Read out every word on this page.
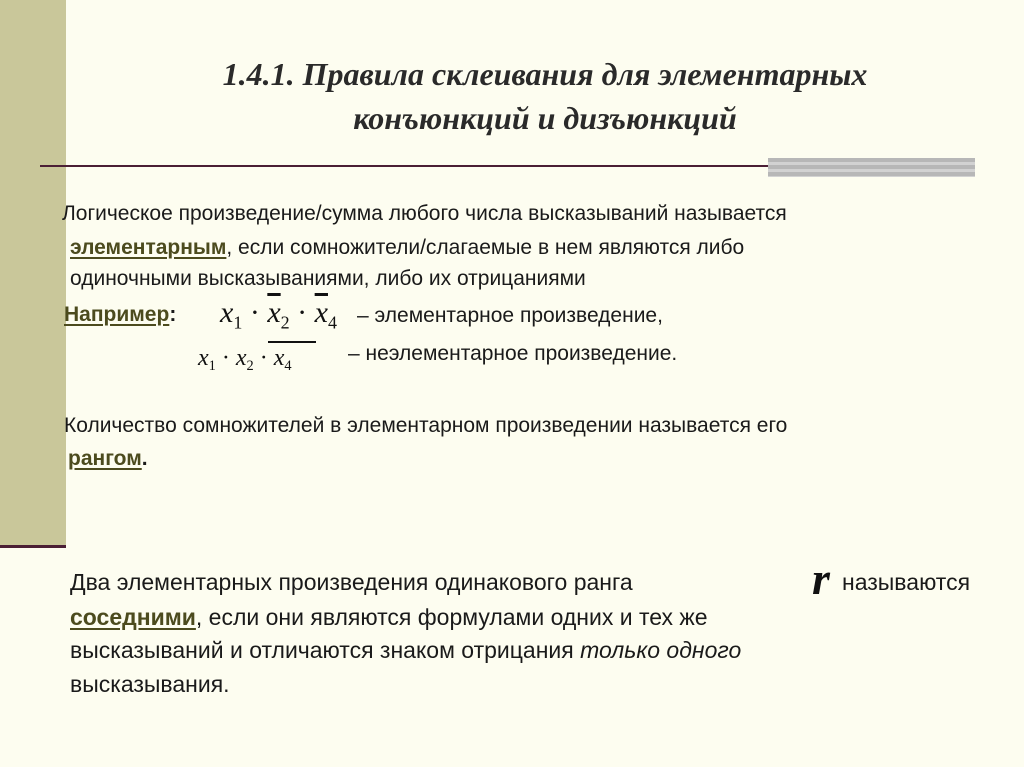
1.4.1. Правила склеивания для элементарных
конъюнкций и дизъюнкций
Логическое произведение/сумма любого числа высказываний называется
элементарным, если сомножители/слагаемые в нем являются либо
одиночными высказываниями, либо их отрицаниями
Например: $x_1 \cdot \overline{x}_2 \cdot \overline{x}_4$ – элементарное произведение,
$x_1 \cdot x_2 \cdot x_4$
– неэлементарное произведение.
Количество сомножителей в элементарном произведении называется его
рангом.
Два элементарных произведения одинакового ранга	r называются
соседними, если они являются формулами одних и тех же
высказываний и отличаются знаком отрицания только одного
высказывания.
